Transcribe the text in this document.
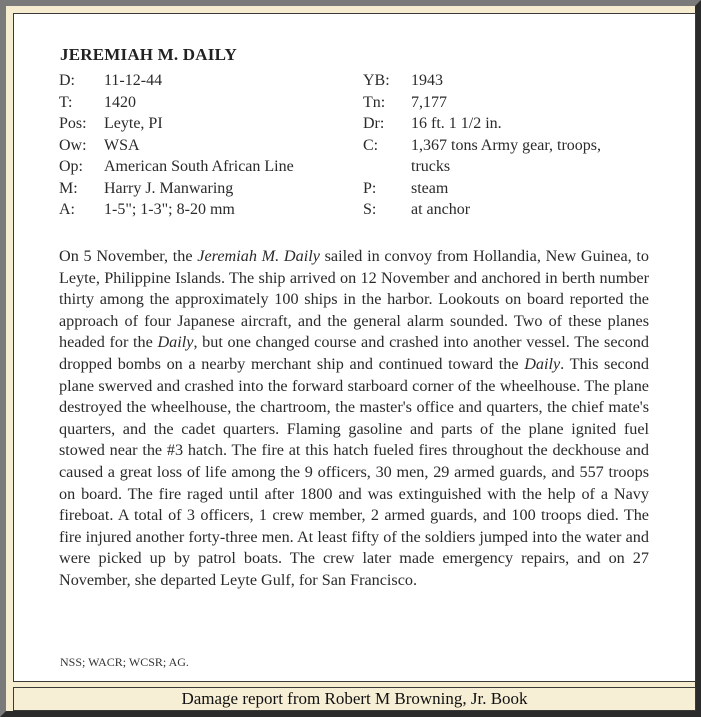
JEREMIAH M. DAILY
D:	11-12-44
T:	1420
Pos:	Leyte, PI
Ow:	WSA
Op:	American South African Line
M:	Harry J. Manwaring
A:	1-5"; 1-3"; 8-20 mm
YB:	1943
Tn:	7,177
Dr:	16 ft. 1 1/2 in.
C:	1,367 tons Army gear, troops,
trucks
P:	steam
S:	at anchor

On 5 November, the Jeremiah M. Daily sailed in convoy from Hollandia, New Guinea, to Leyte, Philippine Islands. The ship arrived on 12 November and anchored in berth number thirty among the approximately 100 ships in the harbor. Lookouts on board reported the approach of four Japanese aircraft, and the general alarm sounded. Two of these planes headed for the Daily, but one changed course and crashed into another vessel. The second dropped bombs on a nearby merchant ship and continued toward the Daily. This second plane swerved and crashed into the forward starboard corner of the wheelhouse. The plane destroyed the wheelhouse, the chartroom, the master's office and quarters, the chief mate's quarters, and the cadet quarters. Flaming gasoline and parts of the plane ignited fuel stowed near the #3 hatch. The fire at this hatch fueled fires throughout the deckhouse and caused a great loss of life among the 9 officers, 30 men, 29 armed guards, and 557 troops on board. The fire raged until after 1800 and was extinguished with the help of a Navy fireboat. A total of 3 officers, 1 crew member, 2 armed guards, and 100 troops died. The fire injured another forty-three men. At least fifty of the soldiers jumped into the water and were picked up by patrol boats. The crew later made emergency repairs, and on 27 November, she departed Leyte Gulf, for San Francisco.

NSS; WACR; WCSR; AG.
Damage report from Robert M Browning, Jr. Book
